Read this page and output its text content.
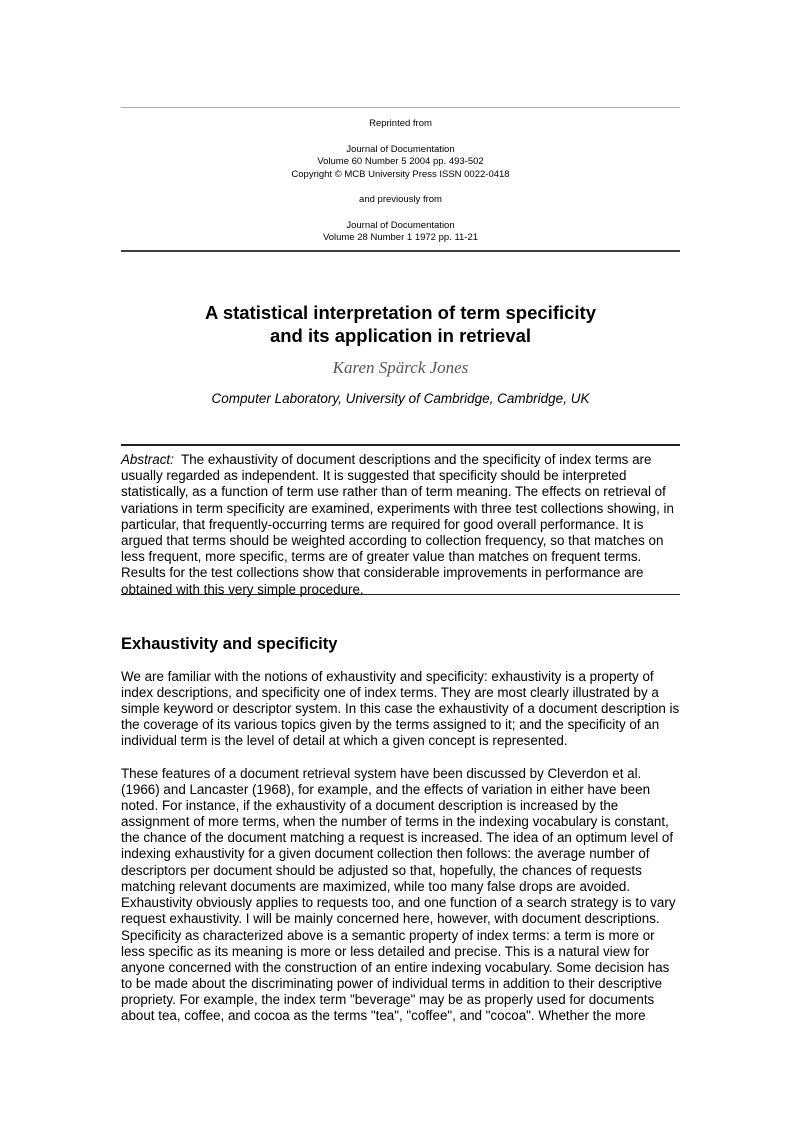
Reprinted from
Journal of Documentation
Volume 60 Number 5 2004 pp. 493-502
Copyright © MCB University Press ISSN 0022-0418
and previously from
Journal of Documentation
Volume 28 Number 1 1972 pp. 11-21
A statistical interpretation of term specificity
and its application in retrieval
Karen Spärck Jones
Computer Laboratory, University of Cambridge, Cambridge, UK

Abstract: The exhaustivity of document descriptions and the specificity of index terms are usually regarded as independent. It is suggested that specificity should be interpreted statistically, as a function of term use rather than of term meaning. The effects on retrieval of variations in term specificity are examined, experiments with three test collections showing, in particular, that frequently-occurring terms are required for good overall performance. It is argued that terms should be weighted according to collection frequency, so that matches on less frequent, more specific, terms are of greater value than matches on frequent terms. Results for the test collections show that considerable improvements in performance are obtained with this very simple procedure.

Exhaustivity and specificity

We are familiar with the notions of exhaustivity and specificity: exhaustivity is a property of index descriptions, and specificity one of index terms. They are most clearly illustrated by a simple keyword or descriptor system. In this case the exhaustivity of a document description is the coverage of its various topics given by the terms assigned to it; and the specificity of an individual term is the level of detail at which a given concept is represented.

These features of a document retrieval system have been discussed by Cleverdon et al. (1966) and Lancaster (1968), for example, and the effects of variation in either have been noted. For instance, if the exhaustivity of a document description is increased by the assignment of more terms, when the number of terms in the indexing vocabulary is constant, the chance of the document matching a request is increased. The idea of an optimum level of indexing exhaustivity for a given document collection then follows: the average number of descriptors per document should be adjusted so that, hopefully, the chances of requests matching relevant documents are maximized, while too many false drops are avoided. Exhaustivity obviously applies to requests too, and one function of a search strategy is to vary request exhaustivity. I will be mainly concerned here, however, with document descriptions.

Specificity as characterized above is a semantic property of index terms: a term is more or less specific as its meaning is more or less detailed and precise. This is a natural view for anyone concerned with the construction of an entire indexing vocabulary. Some decision has to be made about the discriminating power of individual terms in addition to their descriptive propriety. For example, the index term "beverage" may be as properly used for documents about tea, coffee, and cocoa as the terms "tea", "coffee", and "cocoa". Whether the more
